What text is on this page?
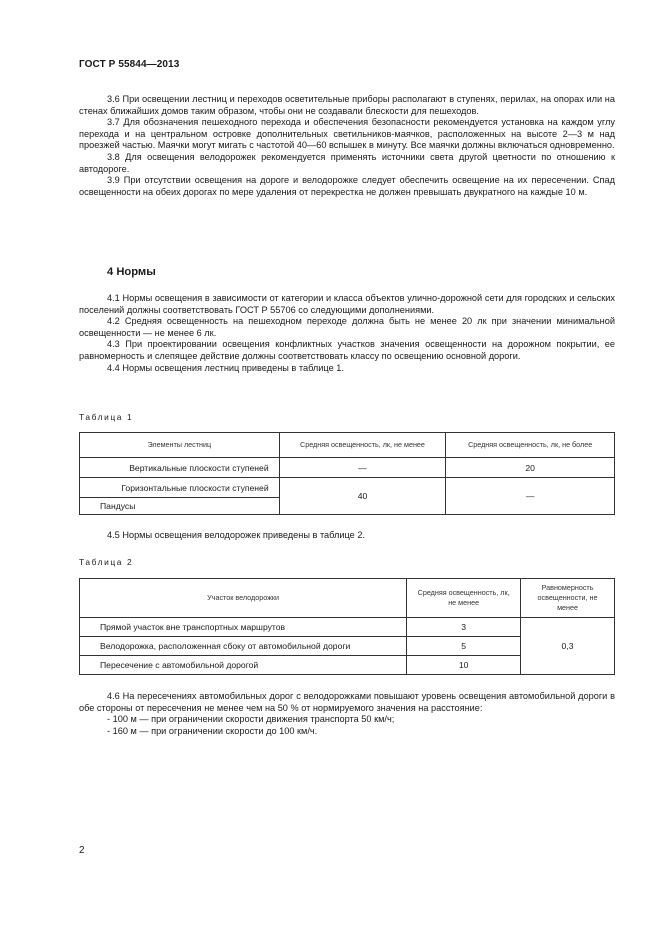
ГОСТ Р 55844—2013

3.6 При освещении лестниц и переходов осветительные приборы располагают в ступенях, перилах, на опорах или на стенах ближайших домов таким образом, чтобы они не создавали блескости для пешеходов.

3.7 Для обозначения пешеходного перехода и обеспечения безопасности рекомендуется установка на каждом углу перехода и на центральном островке дополнительных светильников-маячков, расположенных на высоте 2—3 м над проезжей частью. Маячки могут мигать с частотой 40—60 вспышек в минуту. Все маячки должны включаться одновременно.

3.8 Для освещения велодорожек рекомендуется применять источники света другой цветности по отношению к автодороге.

3.9 При отсутствии освещения на дороге и велодорожке следует обеспечить освещение на их пересечении. Спад освещенности на обеих дорогах по мере удаления от перекрестка не должен превышать двукратного на каждые 10 м.

4 Нормы

4.1 Нормы освещения в зависимости от категории и класса объектов улично-дорожной сети для городских и сельских поселений должны соответствовать ГОСТ Р 55706 со следующими дополнениями.

4.2 Средняя освещенность на пешеходном переходе должна быть не менее 20 лк при значении минимальной освещенности — не менее 6 лк.

4.3 При проектировании освещения конфликтных участков значения освещенности на дорожном покрытии, ее равномерность и слепящее действие должны соответствовать классу по освещению основной дороги.

4.4 Нормы освещения лестниц приведены в таблице 1.

Таблица 1
Элементы лестниц	Средняя освещенность, лк, не менее	Средняя освещенность, лк, не более
Вертикальные плоскости ступеней	—	20
Горизонтальные плоскости ступеней	40	—
Пандусы		

4.5 Нормы освещения велодорожек приведены в таблице 2.

Таблица 2
Участок велодорожки	Средняя освещенность, лк, не менее	Равномерность освещенности, не менее
Прямой участок вне транспортных маршрутов	3	0,3
Велодорожка, расположенная сбоку от автомобильной дороги	5	
Пересечение с автомобильной дорогой	10	

4.6 На пересечениях автомобильных дорог с велодорожками повышают уровень освещения автомобильной дороги в обе стороны от пересечения не менее чем на 50 % от нормируемого значения на расстояние:

- 100 м — при ограничении скорости движения транспорта 50 км/ч;

- 160 м — при ограничении скорости до 100 км/ч.

2
